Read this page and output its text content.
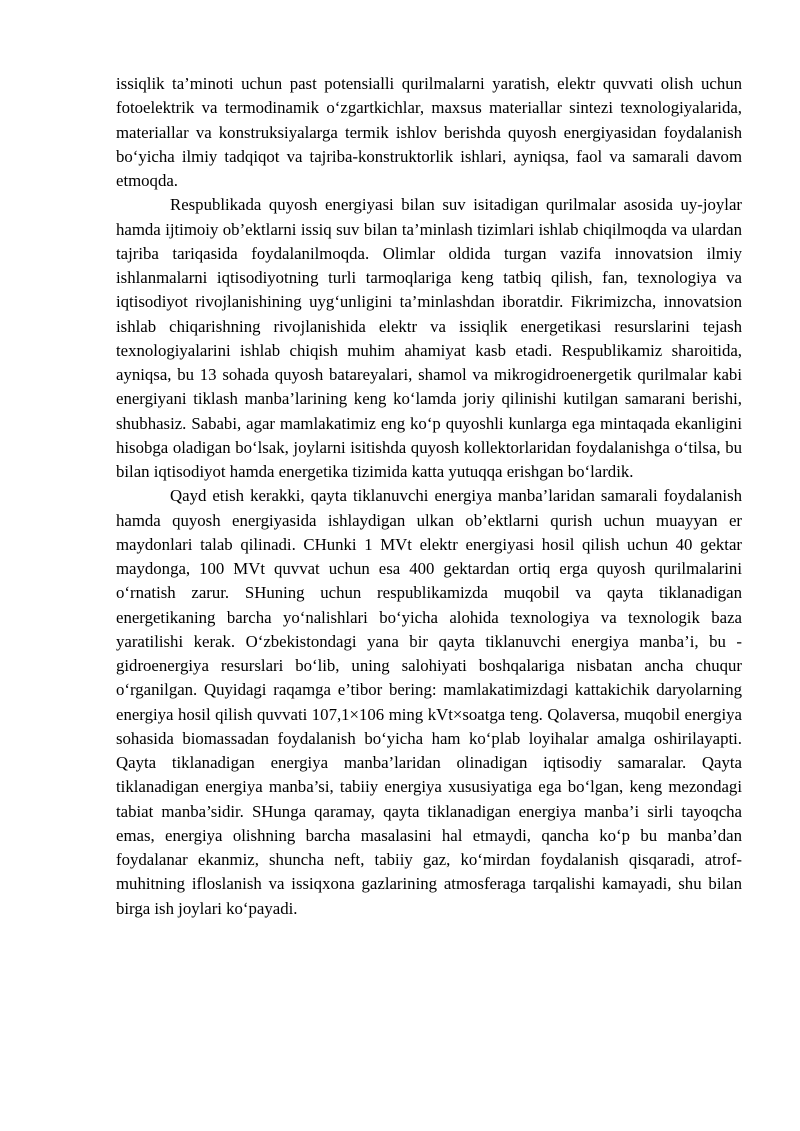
issiqlik ta’minoti uchun past potensialli qurilmalarni yaratish, elektr quvvati olish uchun fotoelektrik va termodinamik o‘zgartkichlar, maxsus materiallar sintezi texnologiyalarida, materiallar va konstruksiyalarga termik ishlov berishda quyosh energiyasidan foydalanish bo‘yicha ilmiy tadqiqot va tajriba-konstruktorlik ishlari, ayniqsa, faol va samarali davom etmoqda.

Respublikada quyosh energiyasi bilan suv isitadigan qurilmalar asosida uy-joylar hamda ijtimoiy ob’ektlarni issiq suv bilan ta’minlash tizimlari ishlab chiqilmoqda va ulardan tajriba tariqasida foydalanilmoqda. Olimlar oldida turgan vazifa innovatsion ilmiy ishlanmalarni iqtisodiyotning turli tarmoqlariga keng tatbiq qilish, fan, texnologiya va iqtisodiyot rivojlanishining uyg‘unligini ta’minlashdan iboratdir. Fikrimizcha, innovatsion ishlab chiqarishning rivojlanishida elektr va issiqlik energetikasi resurslarini tejash texnologiyalarini ishlab chiqish muhim ahamiyat kasb etadi. Respublikamiz sharoitida, ayniqsa, bu 13 sohada quyosh batareyalari, shamol va mikrogidroenergetik qurilmalar kabi energiyani tiklash manba’larining keng ko‘lamda joriy qilinishi kutilgan samarani berishi, shubhasiz. Sababi, agar mamlakatimiz eng ko‘p quyoshli kunlarga ega mintaqada ekanligini hisobga oladigan bo‘lsak, joylarni isitishda quyosh kollektorlaridan foydalanishga o‘tilsa, bu bilan iqtisodiyot hamda energetika tizimida katta yutuqqa erishgan bo‘lardik.

Qayd etish kerakki, qayta tiklanuvchi energiya manba’laridan samarali foydalanish hamda quyosh energiyasida ishlaydigan ulkan ob’ektlarni qurish uchun muayyan er maydonlari talab qilinadi. CHunki 1 MVt elektr energiyasi hosil qilish uchun 40 gektar maydonga, 100 MVt quvvat uchun esa 400 gektardan ortiq erga quyosh qurilmalarini o‘rnatish zarur. SHuning uchun respublikamizda muqobil va qayta tiklanadigan energetikaning barcha yo‘nalishlari bo‘yicha alohida texnologiya va texnologik baza yaratilishi kerak. O‘zbekistondagi yana bir qayta tiklanuvchi energiya manba’i, bu - gidroenergiya resurslari bo‘lib, uning salohiyati boshqalariga nisbatan ancha chuqur o‘rganilgan. Quyidagi raqamga e’tibor bering: mamlakatimizdagi kattakichik daryolarning energiya hosil qilish quvvati 107,1×106 ming kVt×soatga teng. Qolaversa, muqobil energiya sohasida biomassadan foydalanish bo‘yicha ham ko‘plab loyihalar amalga oshirilayapti. Qayta tiklanadigan energiya manba’laridan olinadigan iqtisodiy samaralar. Qayta tiklanadigan energiya manba’si, tabiiy energiya xususiyatiga ega bo‘lgan, keng mezondagi tabiat manba’sidir. SHunga qaramay, qayta tiklanadigan energiya manba’i sirli tayoqcha emas, energiya olishning barcha masalasini hal etmaydi, qancha ko‘p bu manba’dan foydalanar ekanmiz, shuncha neft, tabiiy gaz, ko‘mirdan foydalanish qisqaradi, atrof-muhitning ifloslanish va issiqxona gazlarining atmosferaga tarqalishi kamayadi, shu bilan birga ish joylari ko‘payadi.
